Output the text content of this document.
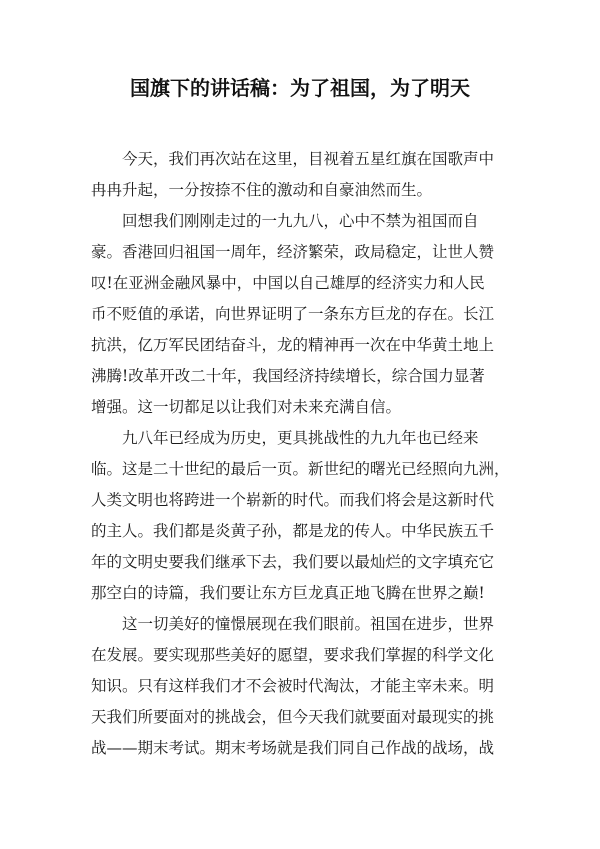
国旗下的讲话稿：为了祖国，为了明天

今天，我们再次站在这里，目视着五星红旗在国歌声中
冉冉升起，一分按捺不住的激动和自豪油然而生。

回想我们刚刚走过的一九九八，心中不禁为祖国而自
豪。香港回归祖国一周年，经济繁荣，政局稳定，让世人赞
叹!在亚洲金融风暴中，中国以自己雄厚的经济实力和人民
币不贬值的承诺，向世界证明了一条东方巨龙的存在。长江
抗洪，亿万军民团结奋斗，龙的精神再一次在中华黄土地上
沸腾!改革开改二十年，我国经济持续增长，综合国力显著
增强。这一切都足以让我们对未来充满自信。

九八年已经成为历史，更具挑战性的九九年也已经来
临。这是二十世纪的最后一页。新世纪的曙光已经照向九洲，
人类文明也将跨进一个崭新的时代。而我们将会是这新时代
的主人。我们都是炎黄子孙，都是龙的传人。中华民族五千
年的文明史要我们继承下去，我们要以最灿烂的文字填充它
那空白的诗篇，我们要让东方巨龙真正地飞腾在世界之巅!

这一切美好的憧憬展现在我们眼前。祖国在进步，世界
在发展。要实现那些美好的愿望，要求我们掌握的科学文化
知识。只有这样我们才不会被时代淘汰，才能主宰未来。明
天我们所要面对的挑战会，但今天我们就要面对最现实的挑
战——期末考试。期末考场就是我们同自己作战的战场，战
